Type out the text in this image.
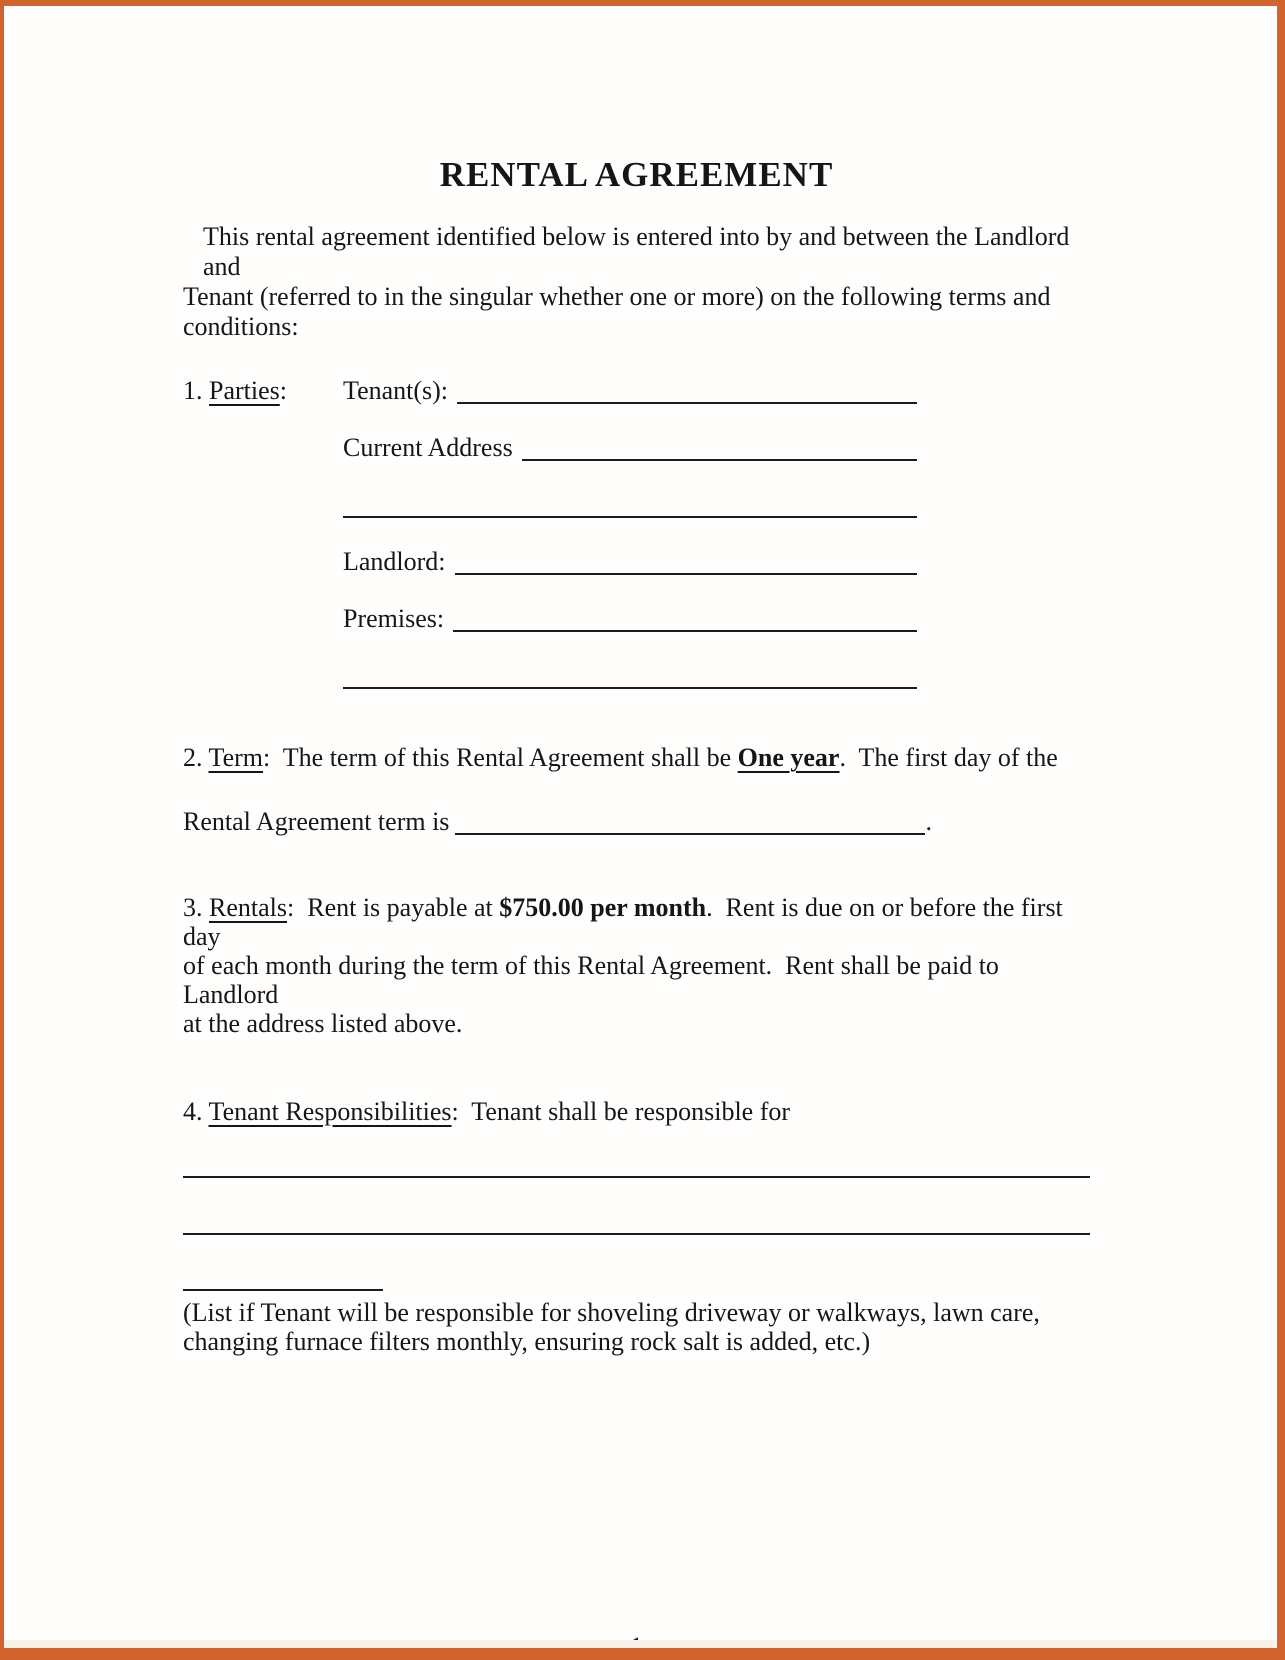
RENTAL AGREEMENT
This rental agreement identified below is entered into by and between the Landlord and
Tenant (referred to in the singular whether one or more) on the following terms and
conditions:
1. Parties:	Tenant(s):
Current Address
Landlord:
Premises:
2. Term:  The term of this Rental Agreement shall be One year.  The first day of the
Rental Agreement term is	.
3. Rentals:  Rent is payable at $750.00 per month.  Rent is due on or before the first day
of each month during the term of this Rental Agreement.  Rent shall be paid to Landlord
at the address listed above.
4. Tenant Responsibilities:  Tenant shall be responsible for
(List if Tenant will be responsible for shoveling driveway or walkways, lawn care,
changing furnace filters monthly, ensuring rock salt is added, etc.)
